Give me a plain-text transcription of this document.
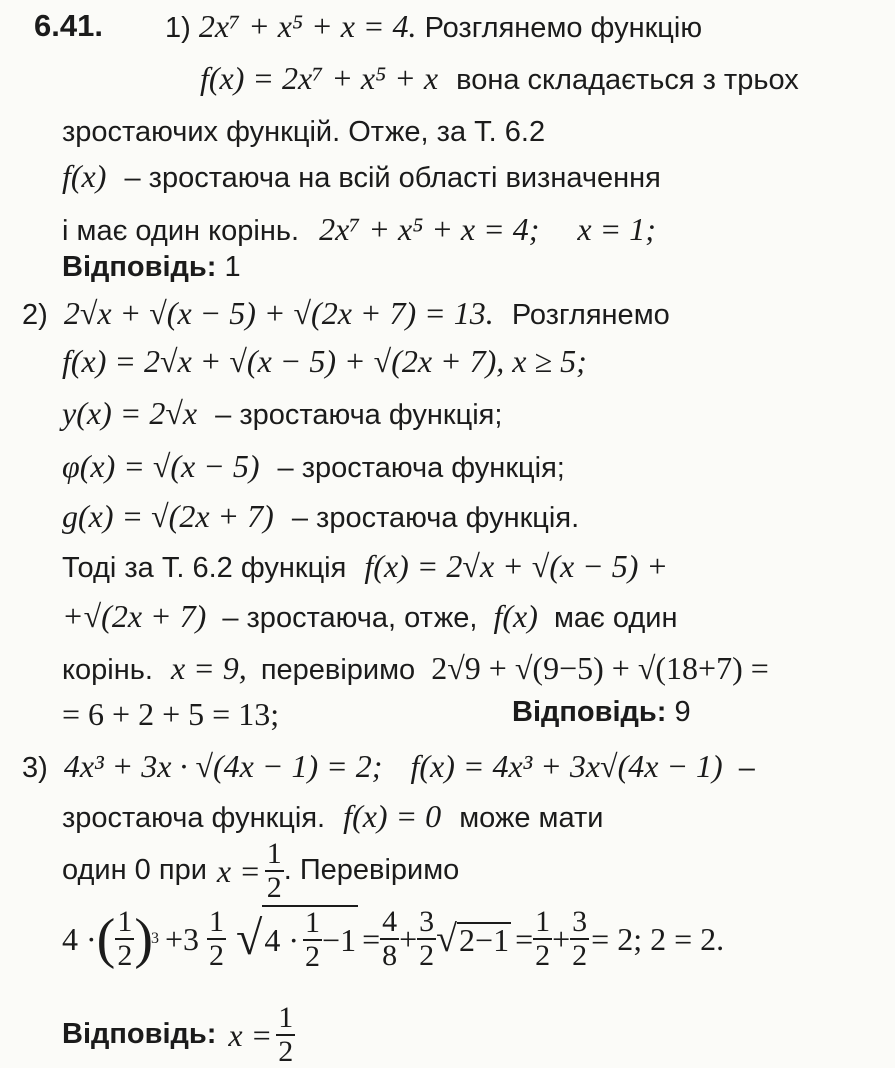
6.41. 1) 2x⁷ + x⁵ + x = 4. Розглянемо функцію
f(x) = 2x⁷ + x⁵ + x вона складається з трьох
зростаючих функцій. Отже, за Т. 6.2
f(x) – зростаюча на всій області визначення
і має один корінь. 2x⁷ + x⁵ + x = 4; x = 1;
Відповідь: 1
2) 2√x + √(x − 5) + √(2x + 7) = 13. Розглянемо
f(x) = 2√x + √(x − 5) + √(2x + 7), x ≥ 5;
y(x) = 2√x – зростаюча функція;
φ(x) = √(x − 5) – зростаюча функція;
g(x) = √(2x + 7) – зростаюча функція.
Тоді за Т. 6.2 функція f(x) = 2√x + √(x − 5) +
+√(2x + 7) – зростаюча, отже, f(x) має один
корінь. x = 9, перевіримо 2√9 + √(9−5) + √(18+7) =
= 6 + 2 + 5 = 13;	Відповідь: 9
3) 4x³ + 3x · √(4x − 1) = 2; f(x) = 4x³ + 3x√(4x − 1) –
зростаюча функція. f(x) = 0 може мати
один 0 при $x = \frac{1}{2}$ . Перевіримо
4 · ( $\frac{1}{2}$ )
$3 +3 \frac{1}{2}$ √ $4 \cdot \frac{1}{2} -1 = \frac{4}{8} + \frac{3}{2}$ √ $2-1 = \frac{1}{2} + \frac{3}{2} = 2$; 2 = 2.
Відповідь: $x = \frac{1}{2}$
